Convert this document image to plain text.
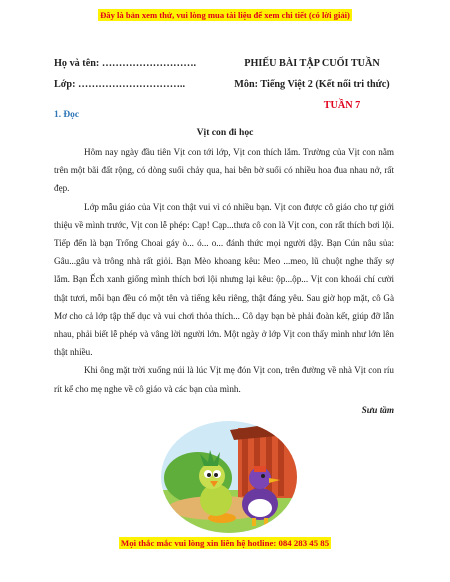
Đây là bản xem thử, vui lòng mua tài liệu để xem chi tiết (có lời giải)
Họ và tên: ……………………….
Lớp: …………………………..
PHIẾU BÀI TẬP CUỐI TUẦN
Môn: Tiếng Việt 2 (Kết nối tri thức)
TUẦN 7
1. Đọc
Vịt con đi học

Hôm nay ngày đầu tiên Vịt con tới lớp, Vịt con thích lắm. Trường của Vịt con nằm trên một bãi đất rộng, có dòng suối chảy qua, hai bên bờ suối có nhiều hoa đua nhau nở, rất đẹp.

Lớp mẫu giáo của Vịt con thật vui vì có nhiều bạn. Vịt con được cô giáo cho tự giới thiệu về mình trước, Vịt con lễ phép: Cạp! Cạp...thưa cô con là Vịt con, con rất thích bơi lội. Tiếp đến là bạn Trống Choai gáy ò... ó... o... đánh thức mọi người dậy. Bạn Cún nâu sủa: Gâu...gâu và trông nhà rất giỏi. Bạn Mèo khoang kêu: Meo ...meo, lũ chuột nghe thấy sợ lắm. Bạn Ếch xanh giống mình thích bơi lội nhưng lại kêu: ộp...ộp... Vịt con khoái chí cười thật tươi, mỗi bạn đều có một tên và tiếng kêu riêng, thật đáng yêu. Sau giờ họp mặt, cô Gà Mơ cho cả lớp tập thể dục và vui chơi thỏa thích... Cô dạy bạn bè phải đoàn kết, giúp đỡ lẫn nhau, phải biết lễ phép và vâng lời người lớn. Một ngày ở lớp Vịt con thấy mình như lớn lên thật nhiều.

Khi ông mặt trời xuống núi là lúc Vịt mẹ đón Vịt con, trên đường về nhà Vịt con ríu rít kể cho mẹ nghe về cô giáo và các bạn của mình.

Sưu tầm
Mọi thắc mắc vui lòng xin liên hệ hotline: 084 283 45 85
